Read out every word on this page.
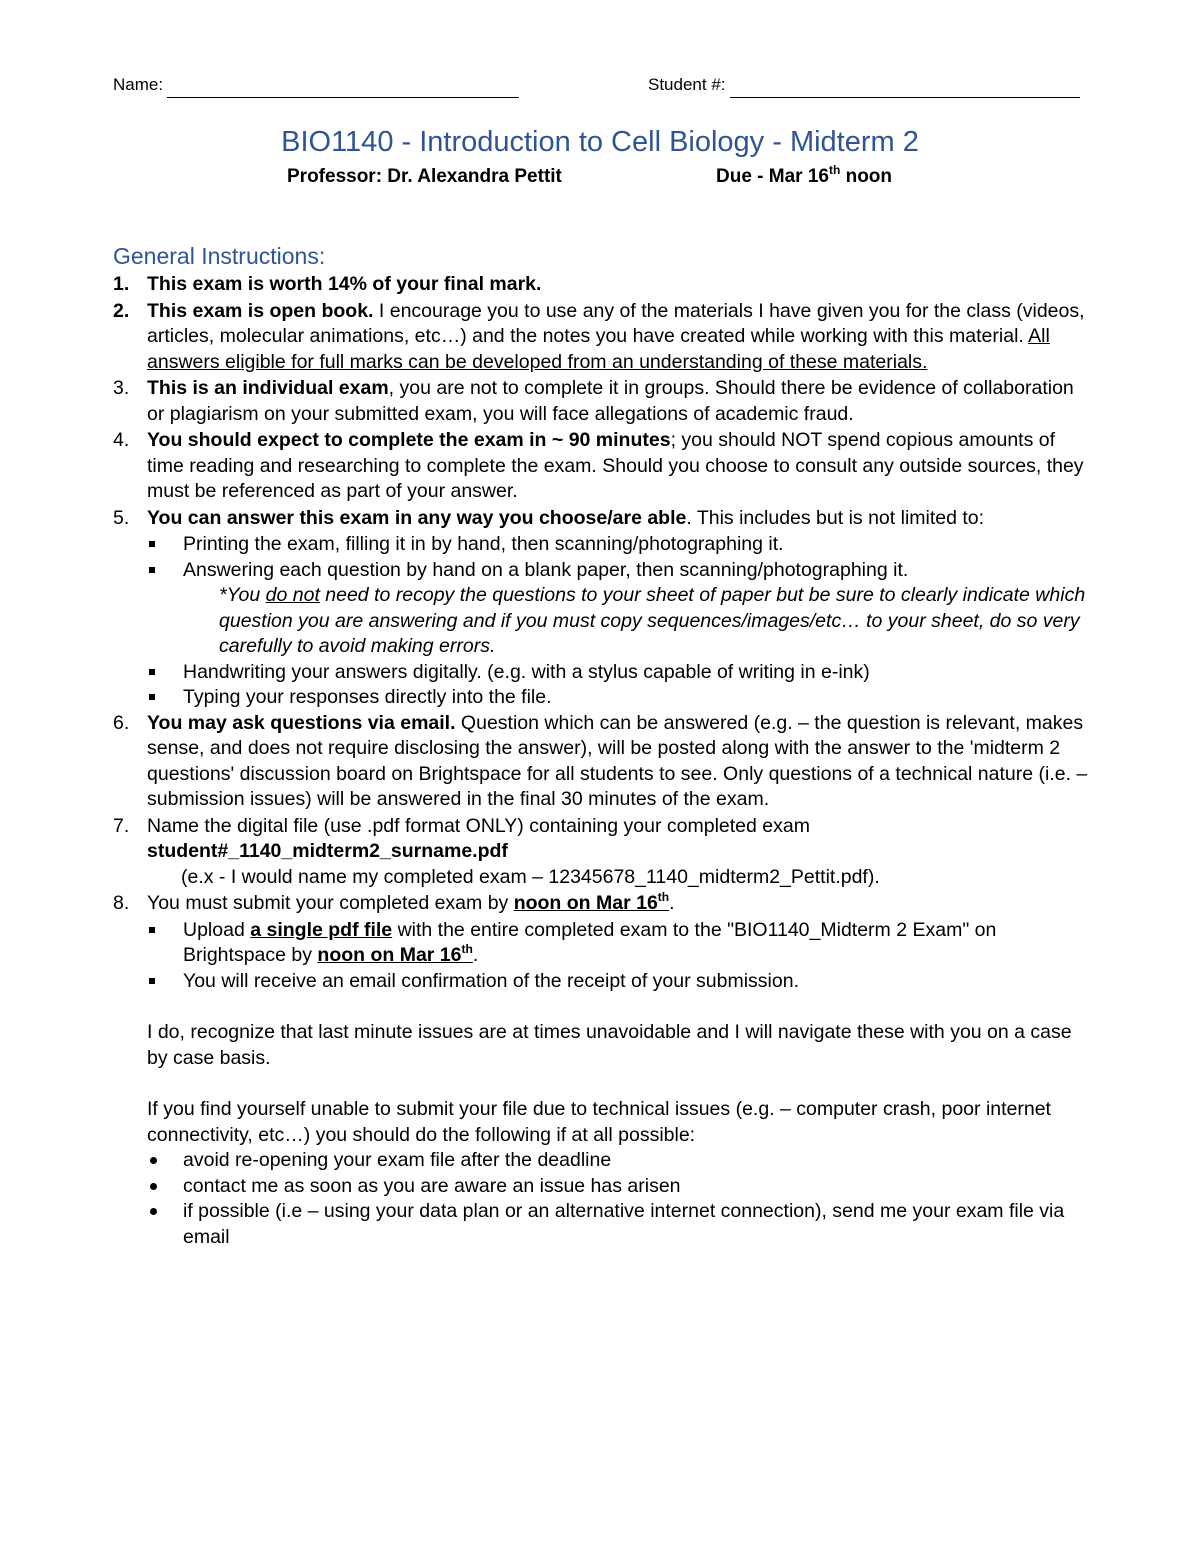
Name:	Student #:
BIO1140 - Introduction to Cell Biology - Midterm 2
Professor: Dr. Alexandra Pettit	Due - Mar 16th noon
General Instructions:
1. This exam is worth 14% of your final mark.
2. This exam is open book. I encourage you to use any of the materials I have given you for the class (videos, articles, molecular animations, etc…) and the notes you have created while working with this material. All answers eligible for full marks can be developed from an understanding of these materials.
3. This is an individual exam, you are not to complete it in groups. Should there be evidence of collaboration or plagiarism on your submitted exam, you will face allegations of academic fraud.
4. You should expect to complete the exam in ~ 90 minutes; you should NOT spend copious amounts of time reading and researching to complete the exam. Should you choose to consult any outside sources, they must be referenced as part of your answer.
5. You can answer this exam in any way you choose/are able. This includes but is not limited to:
Printing the exam, filling it in by hand, then scanning/photographing it.
Answering each question by hand on a blank paper, then scanning/photographing it.
*You do not need to recopy the questions to your sheet of paper but be sure to clearly indicate which question you are answering and if you must copy sequences/images/etc… to your sheet, do so very carefully to avoid making errors.
Handwriting your answers digitally. (e.g. with a stylus capable of writing in e-ink)
Typing your responses directly into the file.
6. You may ask questions via email. Question which can be answered (e.g. – the question is relevant, makes sense, and does not require disclosing the answer), will be posted along with the answer to the 'midterm 2 questions' discussion board on Brightspace for all students to see. Only questions of a technical nature (i.e. – submission issues) will be answered in the final 30 minutes of the exam.
7. Name the digital file (use .pdf format ONLY) containing your completed exam
student#_1140_midterm2_surname.pdf
(e.x - I would name my completed exam – 12345678_1140_midterm2_Pettit.pdf).
8. You must submit your completed exam by noon on Mar 16th.
Upload a single pdf file with the entire completed exam to the "BIO1140_Midterm 2 Exam" on Brightspace by noon on Mar 16th.
You will receive an email confirmation of the receipt of your submission.
I do, recognize that last minute issues are at times unavoidable and I will navigate these with you on a case by case basis.
If you find yourself unable to submit your file due to technical issues (e.g. – computer crash, poor internet connectivity, etc…) you should do the following if at all possible:
avoid re-opening your exam file after the deadline
contact me as soon as you are aware an issue has arisen
if possible (i.e – using your data plan or an alternative internet connection), send me your exam file via email
